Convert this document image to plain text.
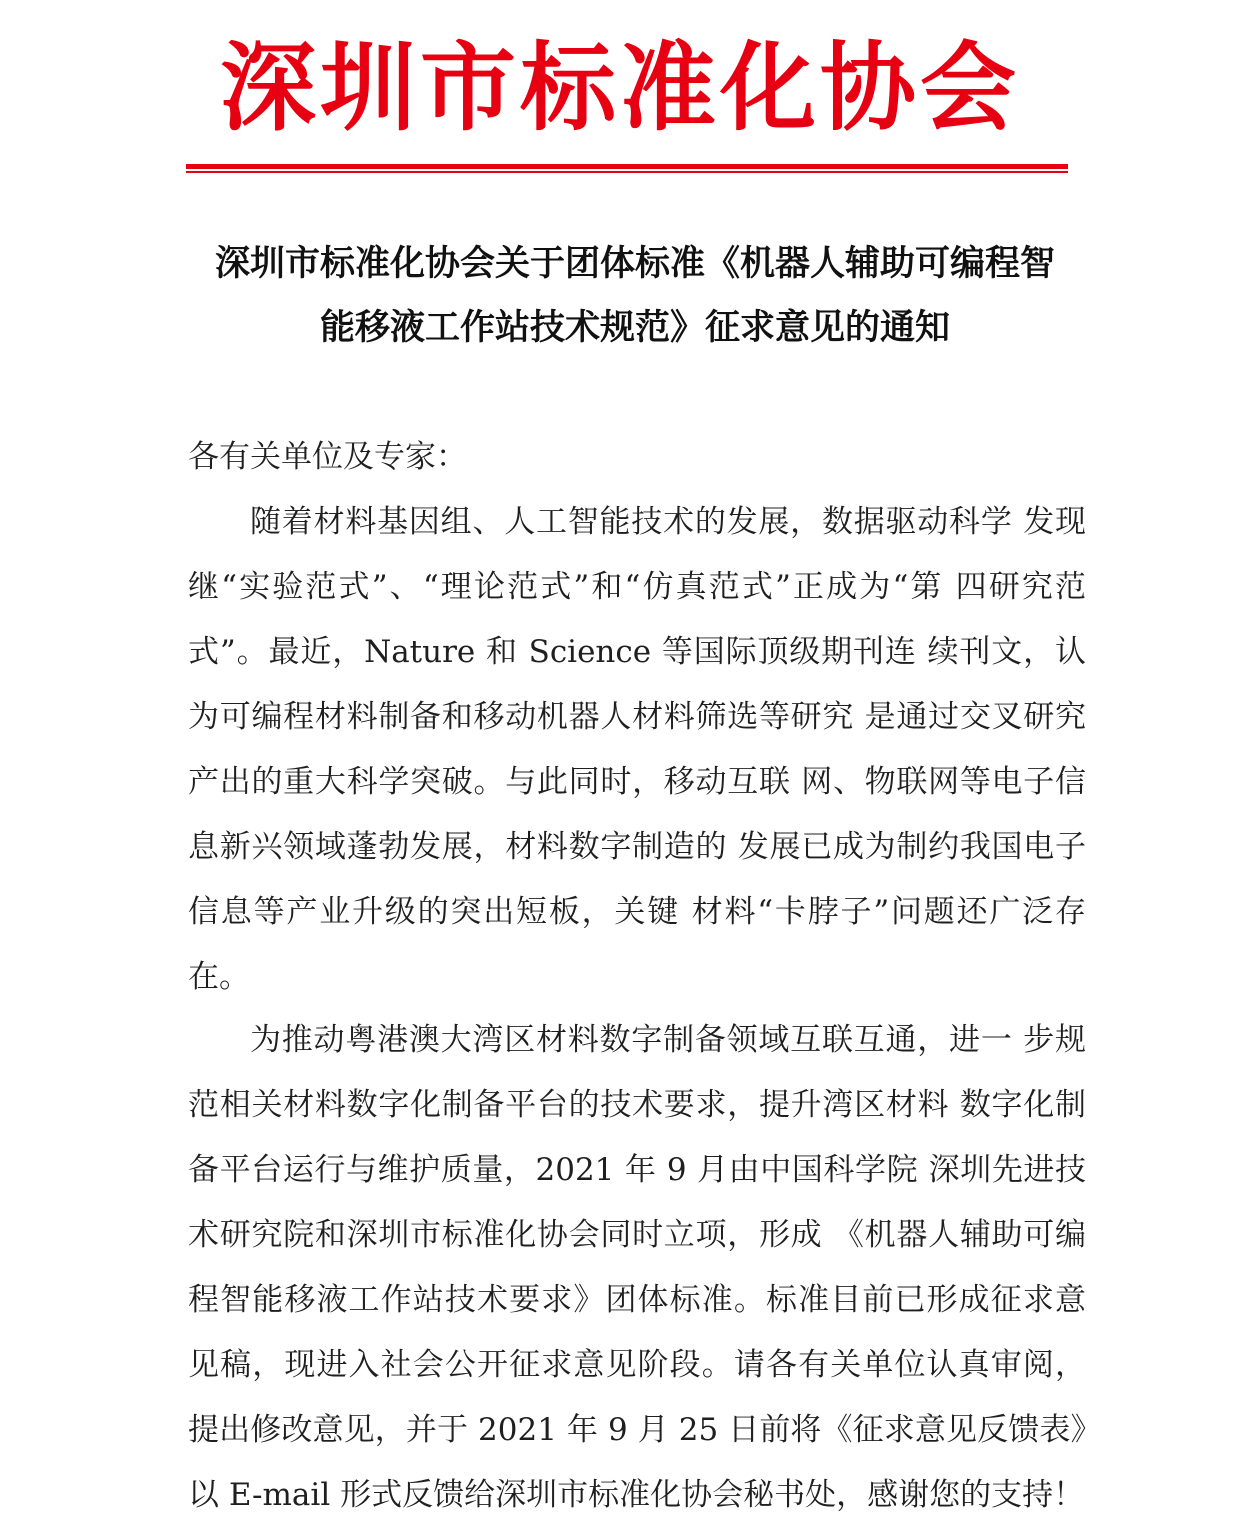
深圳市标准化协会
深圳市标准化协会关于团体标准《机器人辅助可编程智
能移液工作站技术规范》征求意见的通知
各有关单位及专家：

随着材料基因组、人工智能技术的发展，数据驱动科学 发现继“实验范式”、“理论范式”和“仿真范式”正成为“第 四研究范式”。最近，Nature 和 Science 等国际顶级期刊连 续刊文，认为可编程材料制备和移动机器人材料筛选等研究 是通过交叉研究产出的重大科学突破。与此同时，移动互联 网、物联网等电子信息新兴领域蓬勃发展，材料数字制造的 发展已成为制约我国电子信息等产业升级的突出短板，关键 材料“卡脖子”问题还广泛存在。

为推动粤港澳大湾区材料数字制备领域互联互通，进一 步规范相关材料数字化制备平台的技术要求，提升湾区材料 数字化制备平台运行与维护质量，2021 年 9 月由中国科学院 深圳先进技术研究院和深圳市标准化协会同时立项，形成 《机器人辅助可编程智能移液工作站技术要求》团体标准。标准目前已形成征求意见稿，现进入社会公开征求意见阶段。请各有关单位认真审阅，提出修改意见，并于 2021 年 9 月 25 日前将《征求意见反馈表》以 E-mail 形式反馈给深圳市标准化协会秘书处，感谢您的支持！
